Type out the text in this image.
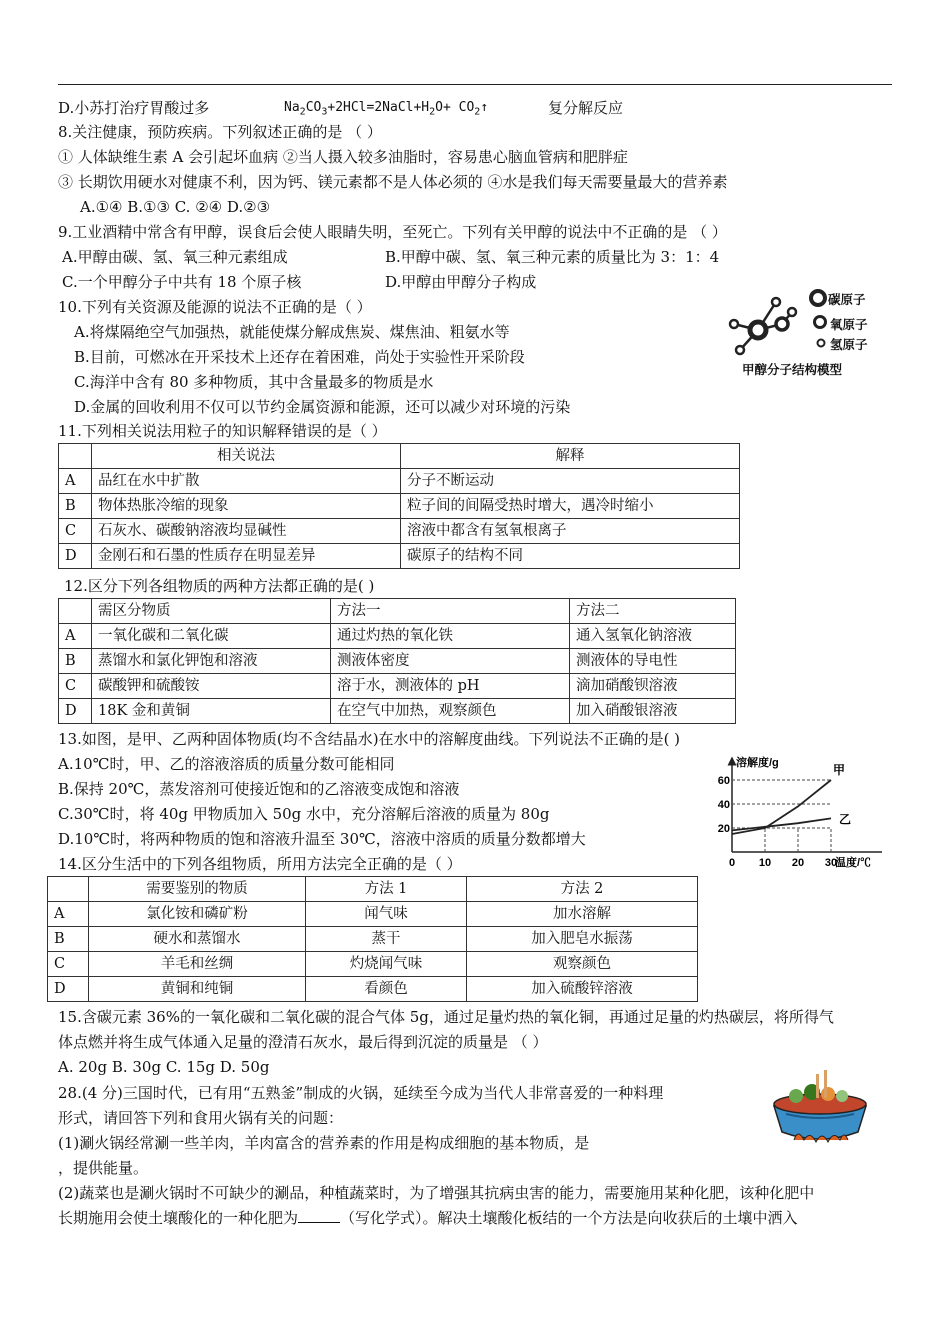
D.小苏打治疗胃酸过多	$Na_2CO_3+2HCl=2NaCl+H_2O+$ $CO_2↑$	复分解反应
8.关注健康，预防疾病。下列叙述正确的是 （ ）
① 人体缺维生素 A 会引起坏血病 ②当人摄入较多油脂时，容易患心脑血管病和肥胖症
③ 长期饮用硬水对健康不利，因为钙、镁元素都不是人体必须的 ④水是我们每天需要量最大的营养素
A.①④ B.①③ C. ②④ D.②③
9.工业酒精中常含有甲醇，误食后会使人眼睛失明，至死亡。下列有关甲醇的说法中不正确的是 （ ）
A.甲醇由碳、氢、氧三种元素组成	B.甲醇中碳、氢、氧三种元素的质量比为 3：1：4
C.一个甲醇分子中共有 18 个原子核	D.甲醇由甲醇分子构成
10.下列有关资源及能源的说法不正确的是（ ）
A.将煤隔绝空气加强热，就能使煤分解成焦炭、煤焦油、粗氨水等
B.目前，可燃冰在开采技术上还存在着困难，尚处于实验性开采阶段
C.海洋中含有 80 多种物质，其中含量最多的物质是水
D.金属的回收利用不仅可以节约金属资源和能源，还可以减少对环境的污染
碳原子
氧原子
氢原子
甲醇分子结构模型
11.下列相关说法用粒子的知识解释错误的是（ ）
	相关说法	解释
A	品红在水中扩散	分子不断运动
B	物体热胀冷缩的现象	粒子间的间隔受热时增大，遇冷时缩小
C	石灰水、碳酸钠溶液均显碱性	溶液中都含有氢氧根离子
D	金刚石和石墨的性质存在明显差异	碳原子的结构不同
12.区分下列各组物质的两种方法都正确的是( )
	需区分物质	方法一	方法二
A	一氧化碳和二氧化碳	通过灼热的氧化铁	通入氢氧化钠溶液
B	蒸馏水和氯化钾饱和溶液	测液体密度	测液体的导电性
C	碳酸钾和硫酸铵	溶于水，测液体的 pH	滴加硝酸钡溶液
D	18K 金和黄铜	在空气中加热，观察颜色	加入硝酸银溶液
13.如图，是甲、乙两种固体物质(均不含结晶水)在水中的溶解度曲线。下列说法不正确的是( )
A.10℃时，甲、乙的溶液溶质的质量分数可能相同
B.保持 20℃，蒸发溶剂可使接近饱和的乙溶液变成饱和溶液
C.30℃时，将 40g 甲物质加入 50g 水中，充分溶解后溶液的质量为 80g
D.10℃时，将两种物质的饱和溶液升温至 30℃，溶液中溶质的质量分数都增大
20
40
60
0 10 20 30
溶解度/g
温度/℃
甲
乙
14.区分生活中的下列各组物质，所用方法完全正确的是（ ）
	需要鉴别的物质	方法 1	方法 2
A	氯化铵和磷矿粉	闻气味	加水溶解
B	硬水和蒸馏水	蒸干	加入肥皂水振荡
C	羊毛和丝绸	灼烧闻气味	观察颜色
D	黄铜和纯铜	看颜色	加入硫酸锌溶液
15.含碳元素 36%的一氧化碳和二氧化碳的混合气体 5g，通过足量灼热的氧化铜，再通过足量的灼热碳层，将所得气
体点燃并将生成气体通入足量的澄清石灰水，最后得到沉淀的质量是 （ ）
A. 20g B. 30g C. 15g D. 50g
28.(4 分)三国时代，已有用“五熟釜”制成的火锅，延续至今成为当代人非常喜爱的一种料理
形式，请回答下列和食用火锅有关的问题：
(1)涮火锅经常涮一些羊肉，羊肉富含的营养素的作用是构成细胞的基本物质，是
，提供能量。
(2)蔬菜也是涮火锅时不可缺少的涮品，种植蔬菜时，为了增强其抗病虫害的能力，需要施用某种化肥，该种化肥中
长期施用会使土壤酸化的一种化肥为	（写化学式）。解决土壤酸化板结的一个方法是向收获后的土壤中洒入
